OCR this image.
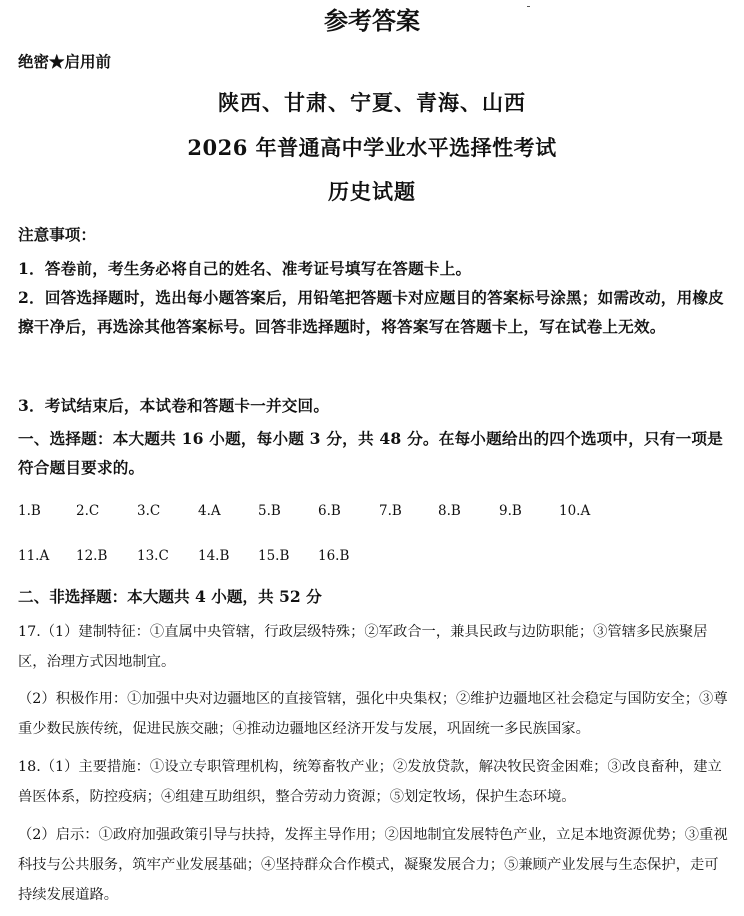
参考答案
绝密★启用前
陕西、甘肃、宁夏、青海、山西
2026 年普通高中学业水平选择性考试
历史试题
注意事项：
1．答卷前，考生务必将自己的姓名、准考证号填写在答题卡上。
2．回答选择题时，选出每小题答案后，用铅笔把答题卡对应题目的答案标号涂黑；如需改动，用橡皮擦干净后，再选涂其他答案标号。回答非选择题时，将答案写在答题卡上，写在试卷上无效。
3．考试结束后，本试卷和答题卡一并交回。
一、选择题：本大题共 16 小题，每小题 3 分，共 48 分。在每小题给出的四个选项中，只有一项是符合题目要求的。
1.B	2.C	3.C	4.A	5.B	6.B	7.B	8.B	9.B	10.A
11.A 12.B 13.C 14.B 15.B 16.B
二、非选择题：本大题共 4 小题，共 52 分
17.（1）建制特征：①直属中央管辖，行政层级特殊；②军政合一，兼具民政与边防职能；③管辖多民族聚居区，治理方式因地制宜。
（2）积极作用：①加强中央对边疆地区的直接管辖，强化中央集权；②维护边疆地区社会稳定与国防安全；③尊重少数民族传统，促进民族交融；④推动边疆地区经济开发与发展，巩固统一多民族国家。
18.（1）主要措施：①设立专职管理机构，统筹畜牧产业；②发放贷款，解决牧民资金困难；③改良畜种，建立兽医体系，防控疫病；④组建互助组织，整合劳动力资源；⑤划定牧场，保护生态环境。
（2）启示：①政府加强政策引导与扶持，发挥主导作用；②因地制宜发展特色产业，立足本地资源优势；③重视科技与公共服务，筑牢产业发展基础；④坚持群众合作模式，凝聚发展合力；⑤兼顾产业发展与生态保护，走可持续发展道路。
